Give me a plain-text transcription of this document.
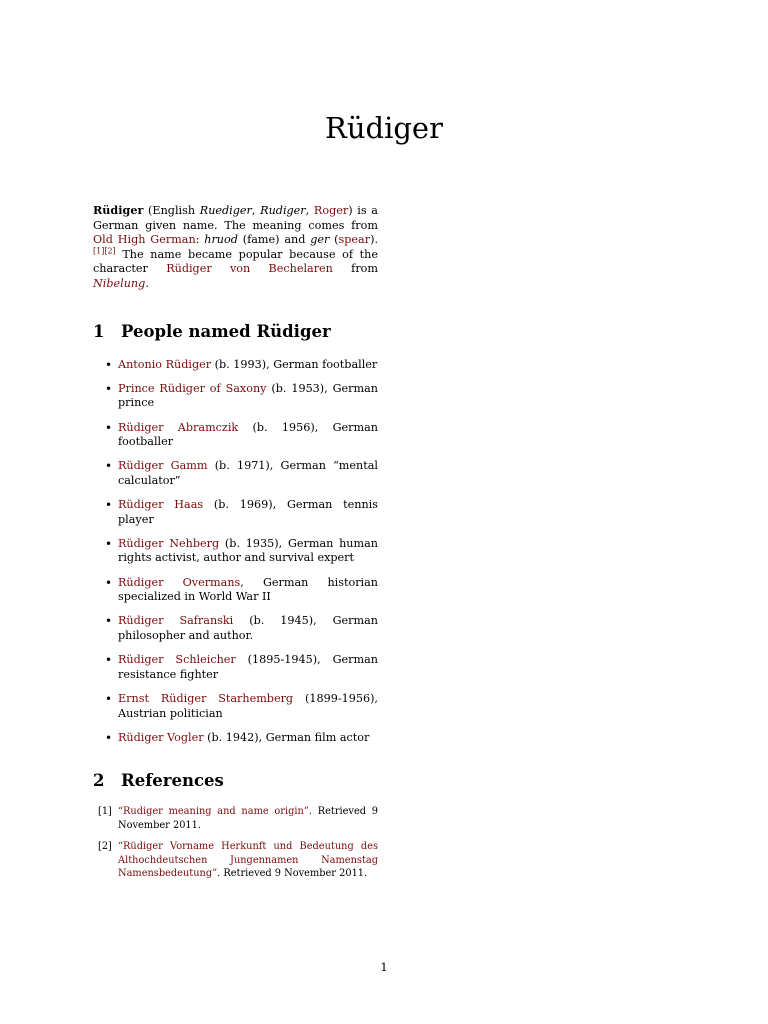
Rüdiger

Rüdiger (English Ruediger, Rudiger, Roger) is a German given name. The meaning comes from Old High German: hruod (fame) and ger (spear).[1][2] The name became popular because of the character Rüdiger von Bechelaren from Nibelung.

1 People named Rüdiger
• Antonio Rüdiger (b. 1993), German footballer
• Prince Rüdiger of Saxony (b. 1953), German prince
• Rüdiger Abramczik (b. 1956), German footballer
• Rüdiger Gamm (b. 1971), German “mental calculator”
• Rüdiger Haas (b. 1969), German tennis player
• Rüdiger Nehberg (b. 1935), German human rights activist, author and survival expert
• Rüdiger Overmans, German historian specialized in World War II
• Rüdiger Safranski (b. 1945), German philosopher and author.
• Rüdiger Schleicher (1895-1945), German resistance fighter
• Ernst Rüdiger Starhemberg (1899-1956), Austrian politician
• Rüdiger Vogler (b. 1942), German film actor
2 References
[1] “Rudiger meaning and name origin”. Retrieved 9 November 2011.
[2] “Rüdiger Vorname Herkunft und Bedeutung des Althochdeutschen Jungennamen Namenstag Namensbedeutung”. Retrieved 9 November 2011.
1
